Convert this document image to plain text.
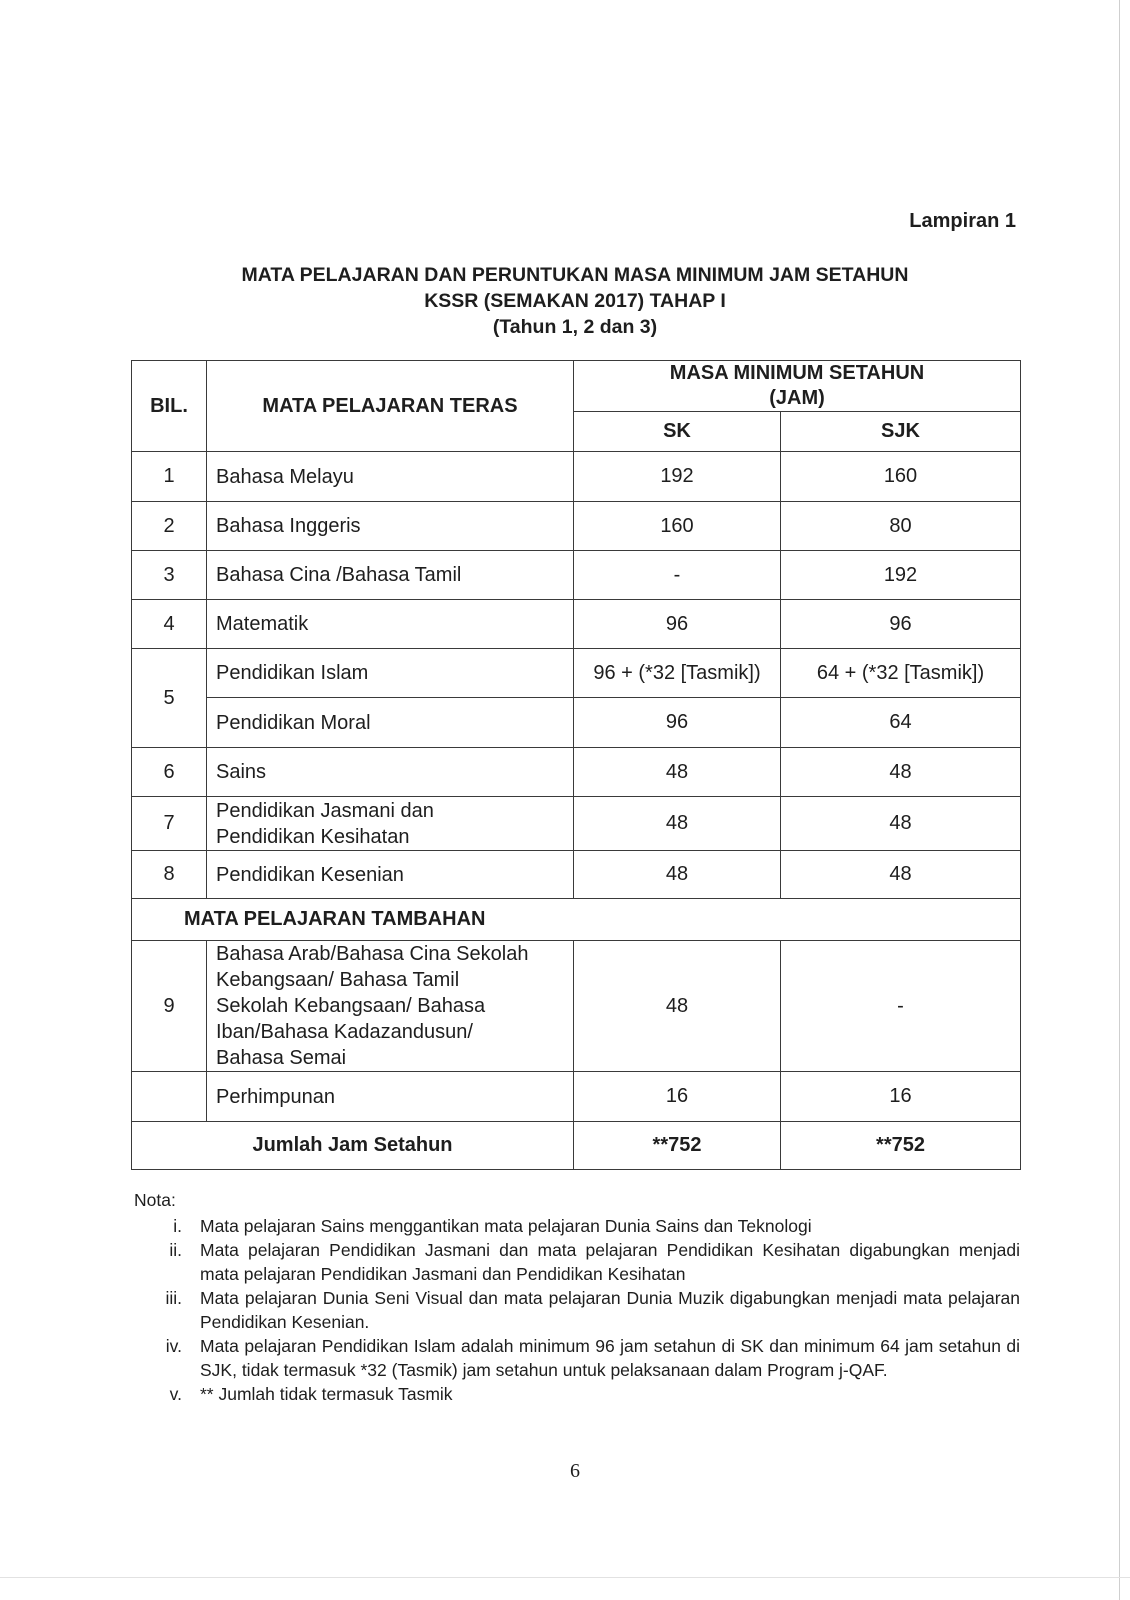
Lampiran 1
MATA PELAJARAN DAN PERUNTUKAN MASA MINIMUM JAM SETAHUN
KSSR (SEMAKAN 2017) TAHAP I
(Tahun 1, 2 dan 3)
BIL.	MATA PELAJARAN TERAS	MASA MINIMUM SETAHUN
(JAM)	

		SK	SJK
1	Bahasa Melayu	192	160
2	Bahasa Inggeris	160	80
3	Bahasa Cina /Bahasa Tamil	-	192
4	Matematik	96	96
5	Pendidikan Islam	96 + (*32 [Tasmik])	64 + (*32 [Tasmik])
	Pendidikan Moral	96	64
6	Sains	48	48
7	Pendidikan Jasmani dan
Pendidikan Kesihatan	48	48
8	Pendidikan Kesenian	48	48
MATA PELAJARAN TAMBAHAN			
9	Bahasa Arab/Bahasa Cina Sekolah
Kebangsaan/ Bahasa Tamil
Sekolah Kebangsaan/ Bahasa
Iban/Bahasa Kadazandusun/
Bahasa Semai	48	-
	Perhimpunan	16	16
Jumlah Jam Setahun		**752	**752
Nota:
i.	Mata pelajaran Sains menggantikan mata pelajaran Dunia Sains dan Teknologi
ii.	Mata pelajaran Pendidikan Jasmani dan mata pelajaran Pendidikan Kesihatan digabungkan menjadi mata pelajaran Pendidikan Jasmani dan Pendidikan Kesihatan
iii.	Mata pelajaran Dunia Seni Visual dan mata pelajaran Dunia Muzik digabungkan menjadi mata pelajaran Pendidikan Kesenian.
iv.	Mata pelajaran Pendidikan Islam adalah minimum 96 jam setahun di SK dan minimum 64 jam setahun di SJK, tidak termasuk *32 (Tasmik) jam setahun untuk pelaksanaan dalam Program j-QAF.
v.	** Jumlah tidak termasuk Tasmik
6
